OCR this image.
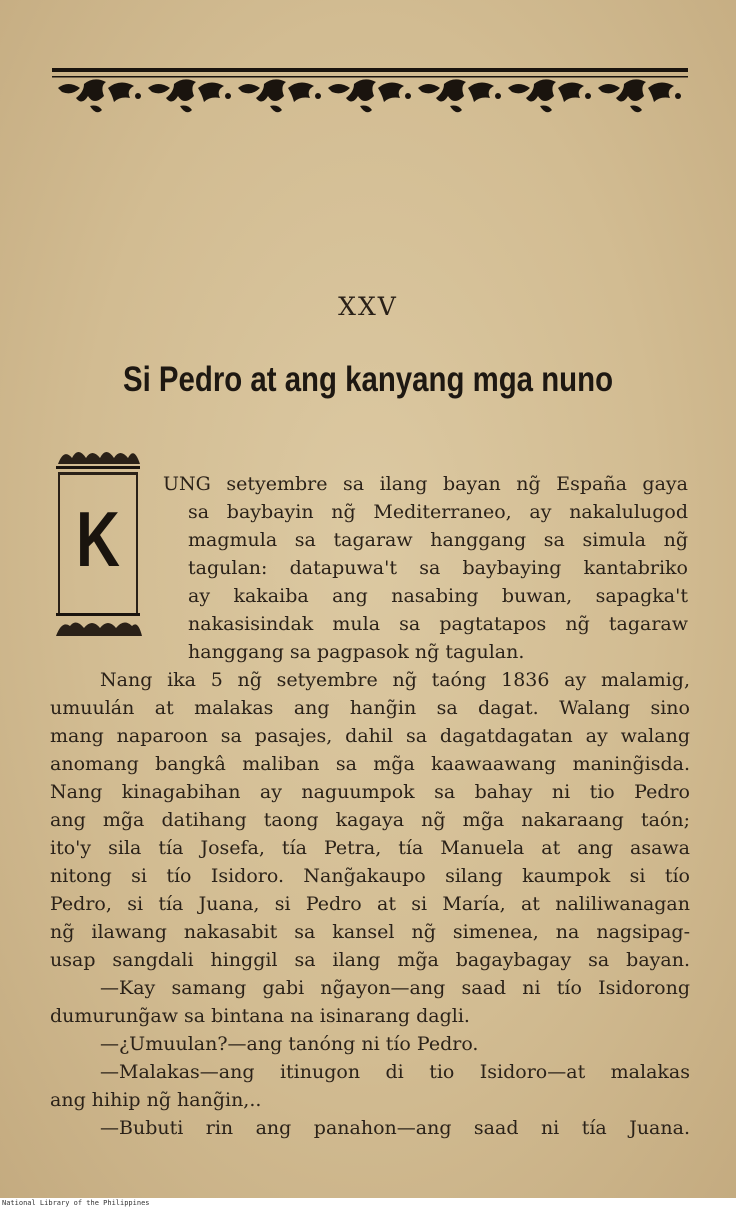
XXV
Si Pedro at ang kanyang mga nuno
K
UNG setyembre sa ilang bayan ng̃ España gaya
sa baybayin ng̃ Mediterraneo, ay nakalulugod
magmula sa tagaraw hanggang sa simula ng̃
tagulan: datapuwa't sa baybaying kantabriko
ay kakaiba ang nasabing buwan, sapagka't
nakasisindak mula sa pagtatapos ng̃ tagaraw
hanggang sa pagpasok ng̃ tagulan.
Nang ika 5 ng̃ setyembre ng̃ taóng 1836 ay malamig,
umuulán at malakas ang hang̃in sa dagat. Walang sino
mang naparoon sa pasajes, dahil sa dagatdagatan ay walang
anomang bangkâ maliban sa mg̃a kaawaawang maning̃isda.
Nang kinagabihan ay naguumpok sa bahay ni tio Pedro
ang mg̃a datihang taong kagaya ng̃ mg̃a nakaraang taón;
ito'y sila tía Josefa, tía Petra, tía Manuela at ang asawa
nitong si tío Isidoro. Nang̃akaupo silang kaumpok si tío
Pedro, si tía Juana, si Pedro at si María, at naliliwanagan
ng̃ ilawang nakasabit sa kansel ng̃ simenea, na nagsipag-
usap sangdali hinggil sa ilang mg̃a bagaybagay sa bayan.
—Kay samang gabi ng̃ayon—ang saad ni tío Isidorong
dumurung̃aw sa bintana na isinarang dagli.
—¿Umuulan?—ang tanóng ni tío Pedro.
—Malakas—ang itinugon di tio Isidoro—at malakas
ang hihip ng̃ hang̃in,..
—Bubuti rin ang panahon—ang saad ni tía Juana.
National Library of the Philippines
